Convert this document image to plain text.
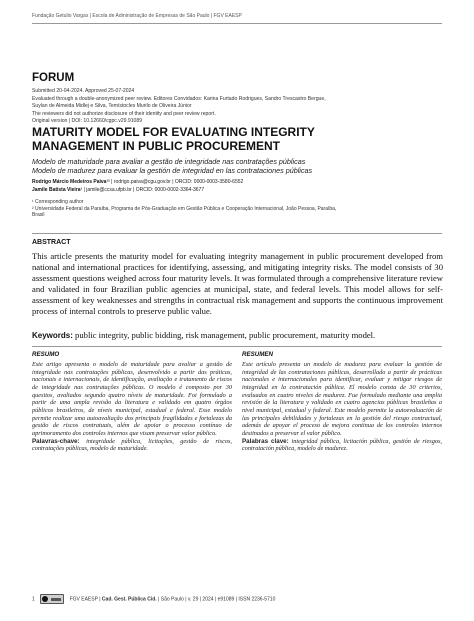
Fundação Getulio Vargas | Escola de Administração de Empresas de São Paulo | FGV EAESP
FORUM
Submitted 20-04-2024. Approved 25-07-2024
Evaluated through a double-anonymized peer review. Editores Convidados: Karina Furtado Rodrigues, Sandro Trescastro Bergue,
Suylan de Almeida Midlej e Silva, Temístocles Murilo de Oliveira Júnior
The reviewers did not authorize disclosure of their identity and peer review report.
Original version | DOI: 10.12660/cgpc.v29.91089
MATURITY MODEL FOR EVALUATING INTEGRITY
MANAGEMENT IN PUBLIC PROCUREMENT
Modelo de maturidade para avaliar a gestão de integridade nas contratações públicas
Modelo de madurez para evaluar la gestión de integridad en las contrataciones públicas
Rodrigo Márcio Medeiros Paiva¹² | rodrigo.paiva@cgu.gov.br | ORCID: 0000-0003-3580-6552
Jamile Batista Vieira¹ | jamile@ccsa.ufpb.br | ORCID: 0000-0002-3364-3677
¹ Corresponding author
² Universidade Federal da Paraíba, Programa de Pós-Graduação em Gestão Pública e Cooperação Internacional, João Pessoa, Paraíba,
Brasil
ABSTRACT
This article presents the maturity model for evaluating integrity management in public procurement developed from national and international practices for identifying, assessing, and mitigating integrity risks. The model consists of 30 assessment questions weighed across four maturity levels. It was formulated through a comprehensive literature review and validated in four Brazilian public agencies at municipal, state, and federal levels. This model allows for self-assessment of key weaknesses and strengths in contractual risk management and supports the continuous improvement process of internal controls to preserve public value.
Keywords: public integrity, public bidding, risk management, public procurement, maturity model.
RESUMO
Este artigo apresenta o modelo de maturidade para avaliar a gestão de integridade nas contratações públicas, desenvolvido a partir das práticas, nacionais e internacionais, de identificação, avaliação e tratamento de riscos de integridade nas contratações públicas. O modelo é composto por 30 quesitos, avaliados segundo quatro níveis de maturidade. Foi formulado a partir de uma ampla revisão da literatura e validado em quatro órgãos públicos brasileiros, de níveis municipal, estadual e federal. Esse modelo permite realizar uma autoavaliação dos principais fragilidades e fortalezas da gestão de riscos contratuais, além de apoiar o processo contínuo de aprimoramento dos controles internos que visam preservar valor público.
Palavras-chave: integridade pública, licitações, gestão de riscos, contratações públicas, modelo de maturidade.
RESUMEN
Este artículo presenta un modelo de madurez para evaluar la gestión de integridad de las contrataciones públicas, desarrollado a partir de prácticas nacionales e internacionales para identificar, evaluar y mitigar riesgos de integridad en la contratación pública. El modelo consta de 30 criterios, evaluados en cuatro niveles de madurez. Fue formulado mediante una amplia revisión de la literatura y validado en cuatro agencias públicas brasileñas a nivel municipal, estadual y federal. Este modelo permite la autoevaluación de las principales debilidades y fortalezas en la gestión del riesgo contractual, además de apoyar el proceso de mejora continua de los controles internos destinados a preservar el valor público.
Palabras clave: integridad pública, licitación pública, gestión de riesgos, contratación pública, modelo de madurez.
1	FGV EAESP | Cad. Gest. Pública Cid. | São Paulo | v. 29 | 2024 | e91089 | ISSN 2236-5710
